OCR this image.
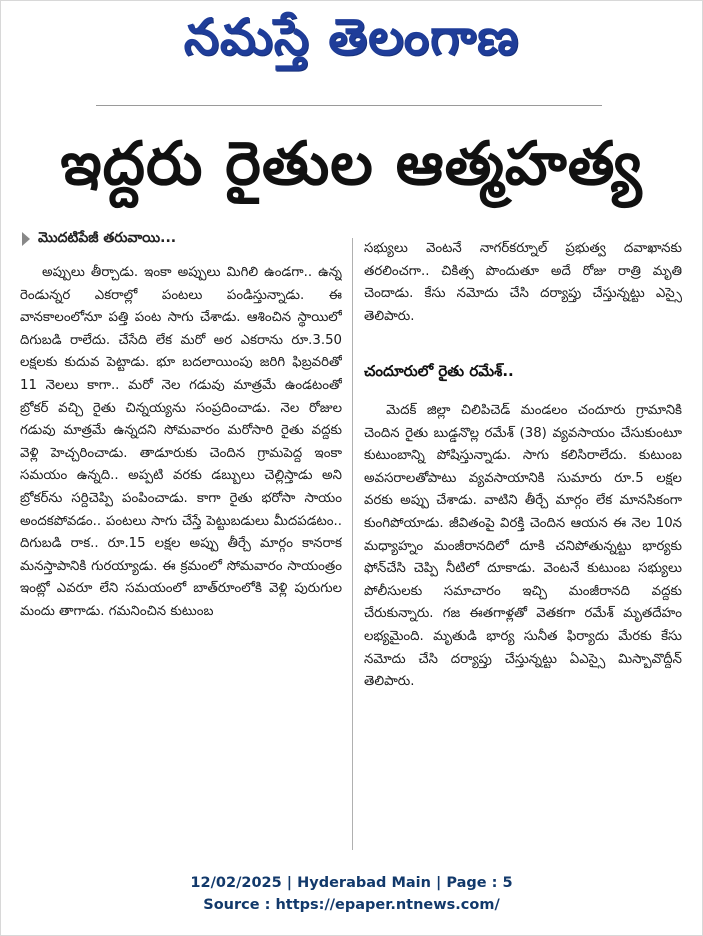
నమస్తే తెలంగాణ
ఇద్దరు రైతుల ఆత్మహత్య
మొదటిపేజీ తరువాయి...

అప్పులు తీర్చాడు. ఇంకా అప్పులు మిగిలి ఉండగా.. ఉన్న రెండున్నర ఎకరాల్లో పంటలు పండిస్తున్నాడు. ఈ వానకాలంలోనూ పత్తి పంట సాగు చేశాడు. ఆశించిన స్థాయిలో దిగుబడి రాలేదు. చేసేది లేక మరో అర ఎకరాను రూ.3.50 లక్షలకు కుదువ పెట్టాడు. భూ బదలాయింపు జరిగి ఫిబ్రవరితో 11 నెలలు కాగా.. మరో నెల గడువు మాత్రమే ఉండటంతో బ్రోకర్ వచ్చి రైతు చిన్నయ్యను సంప్రదించాడు. నెల రోజుల గడువు మాత్రమే ఉన్నదని సోమవారం మరోసారి రైతు వద్దకు వెళ్లి హెచ్చరించాడు. తాడూరుకు చెందిన గ్రామపెద్ద ఇంకా సమయం ఉన్నది.. అప్పటి వరకు డబ్బులు చెల్లిస్తాడు అని బ్రోకర్‌ను సర్దిచెప్పి పంపించాడు. కాగా రైతు భరోసా సాయం అందకపోవడం.. పంటలు సాగు చేస్తే పెట్టుబడులు మీదపడటం.. దిగుబడి రాక.. రూ.15 లక్షల అప్పు తీర్చే మార్గం కానరాక మనస్తాపానికి గురయ్యాడు. ఈ క్రమంలో సోమవారం సాయంత్రం ఇంట్లో ఎవరూ లేని సమయంలో బాత్‌రూంలోకి వెళ్లి పురుగుల మందు తాగాడు. గమనించిన కుటుంబ

సభ్యులు వెంటనే నాగర్‌కర్నూల్ ప్రభుత్వ దవాఖానకు తరలించగా.. చికిత్స పొందుతూ అదే రోజు రాత్రి మృతి చెందాడు. కేసు నమోదు చేసి దర్యాప్తు చేస్తున్నట్టు ఎస్సై తెలిపారు.

చందూరులో రైతు రమేశ్..

మెదక్ జిల్లా చిలిపిచెడ్ మండలం చందూరు గ్రామానికి చెందిన రైతు బుడ్డనొల్ల రమేశ్ (38) వ్యవసాయం చేసుకుంటూ కుటుంబాన్ని పోషిస్తున్నాడు. సాగు కలిసిరాలేదు. కుటుంబ అవసరాలతోపాటు వ్యవసాయానికి సుమారు రూ.5 లక్షల వరకు అప్పు చేశాడు. వాటిని తీర్చే మార్గం లేక మానసికంగా కుంగిపోయాడు. జీవితంపై విరక్తి చెందిన ఆయన ఈ నెల 10న మధ్యాహ్నం మంజీరానదిలో దూకి చనిపోతున్నట్టు భార్యకు ఫోన్‌చేసి చెప్పి నీటిలో దూకాడు. వెంటనే కుటుంబ సభ్యులు పోలీసులకు సమాచారం ఇచ్చి మంజీరానది వద్దకు చేరుకున్నారు. గజ ఈతగాళ్లతో వెతకగా రమేశ్ మృతదేహం లభ్యమైంది. మృతుడి భార్య సునీత ఫిర్యాదు మేరకు కేసు నమోదు చేసి దర్యాప్తు చేస్తున్నట్టు ఏఎస్సై మిస్బావొద్దీన్ తెలిపారు.

12/02/2025 | Hyderabad Main | Page : 5
Source : https://epaper.ntnews.com/
